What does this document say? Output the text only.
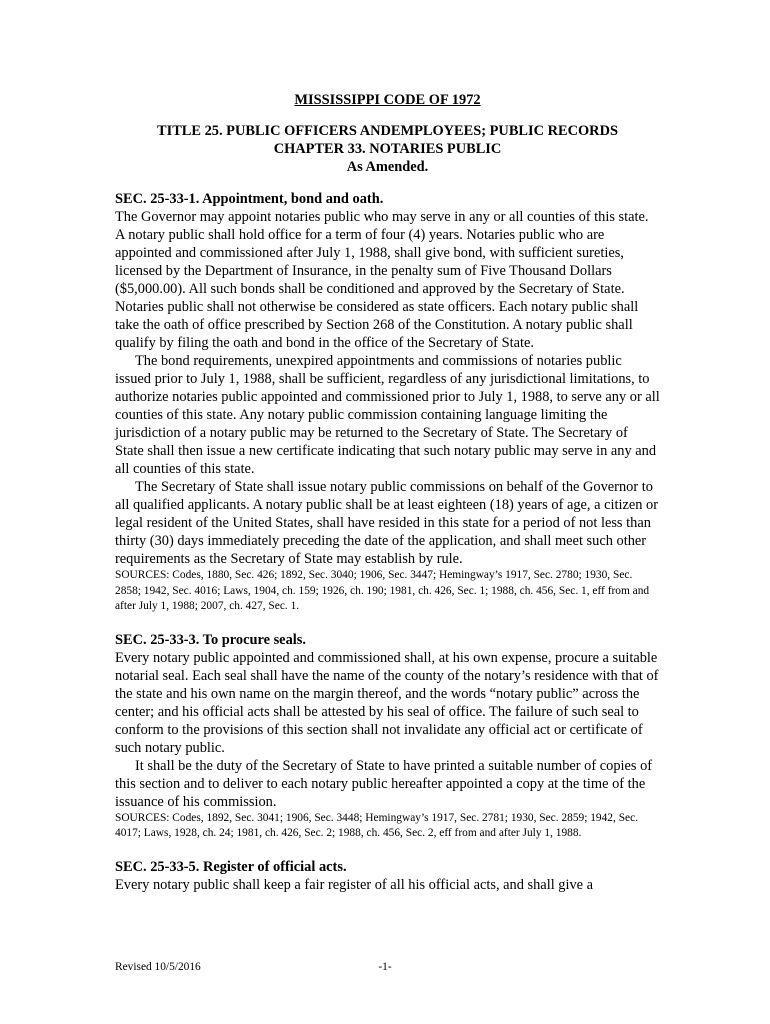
MISSISSIPPI CODE OF 1972
TITLE 25. PUBLIC OFFICERS ANDEMPLOYEES; PUBLIC RECORDS
CHAPTER 33. NOTARIES PUBLIC
As Amended.
SEC. 25-33-1. Appointment, bond and oath.

The Governor may appoint notaries public who may serve in any or all counties of this state. A notary public shall hold office for a term of four (4) years. Notaries public who are appointed and commissioned after July 1, 1988, shall give bond, with sufficient sureties, licensed by the Department of Insurance, in the penalty sum of Five Thousand Dollars ($5,000.00). All such bonds shall be conditioned and approved by the Secretary of State. Notaries public shall not otherwise be considered as state officers. Each notary public shall take the oath of office prescribed by Section 268 of the Constitution. A notary public shall qualify by filing the oath and bond in the office of the Secretary of State.

The bond requirements, unexpired appointments and commissions of notaries public issued prior to July 1, 1988, shall be sufficient, regardless of any jurisdictional limitations, to authorize notaries public appointed and commissioned prior to July 1, 1988, to serve any or all counties of this state. Any notary public commission containing language limiting the jurisdiction of a notary public may be returned to the Secretary of State. The Secretary of State shall then issue a new certificate indicating that such notary public may serve in any and all counties of this state.

The Secretary of State shall issue notary public commissions on behalf of the Governor to all qualified applicants. A notary public shall be at least eighteen (18) years of age, a citizen or legal resident of the United States, shall have resided in this state for a period of not less than thirty (30) days immediately preceding the date of the application, and shall meet such other requirements as the Secretary of State may establish by rule.

SOURCES: Codes, 1880, Sec. 426; 1892, Sec. 3040; 1906, Sec. 3447; Hemingway’s 1917, Sec. 2780; 1930, Sec. 2858; 1942, Sec. 4016; Laws, 1904, ch. 159; 1926, ch. 190; 1981, ch. 426, Sec. 1; 1988, ch. 456, Sec. 1, eff from and after July 1, 1988; 2007, ch. 427, Sec. 1.

SEC. 25-33-3. To procure seals.

Every notary public appointed and commissioned shall, at his own expense, procure a suitable notarial seal. Each seal shall have the name of the county of the notary’s residence with that of the state and his own name on the margin thereof, and the words “notary public” across the center; and his official acts shall be attested by his seal of office. The failure of such seal to conform to the provisions of this section shall not invalidate any official act or certificate of such notary public.

It shall be the duty of the Secretary of State to have printed a suitable number of copies of this section and to deliver to each notary public hereafter appointed a copy at the time of the issuance of his commission.

SOURCES: Codes, 1892, Sec. 3041; 1906, Sec. 3448; Hemingway’s 1917, Sec. 2781; 1930, Sec. 2859; 1942, Sec. 4017; Laws, 1928, ch. 24; 1981, ch. 426, Sec. 2; 1988, ch. 456, Sec. 2, eff from and after July 1, 1988.

SEC. 25-33-5. Register of official acts.

Every notary public shall keep a fair register of all his official acts, and shall give a

Revised 10/5/2016	-1-
